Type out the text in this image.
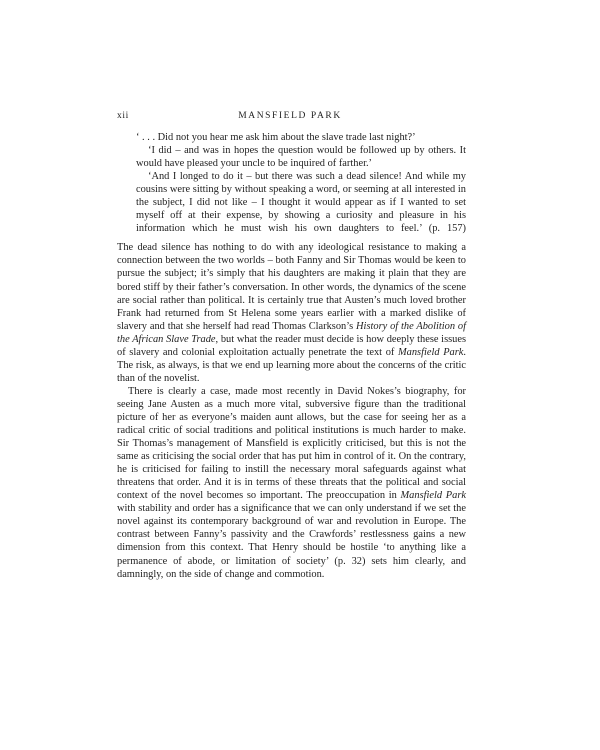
xii	MANSFIELD PARK

‘ . . . Did not you hear me ask him about the slave trade last night?’

‘I did – and was in hopes the question would be followed up by others. It would have pleased your uncle to be inquired of farther.’

‘And I longed to do it – but there was such a dead silence! And while my cousins were sitting by without speaking a word, or seeming at all interested in the subject, I did not like – I thought it would appear as if I wanted to set myself off at their expense, by showing a curiosity and pleasure in his information which he must wish his own daughters to feel.’ (p. 157)

The dead silence has nothing to do with any ideological resistance to making a connection between the two worlds – both Fanny and Sir Thomas would be keen to pursue the subject; it’s simply that his daughters are making it plain that they are bored stiff by their father’s conversation. In other words, the dynamics of the scene are social rather than political. It is certainly true that Austen’s much loved brother Frank had returned from St Helena some years earlier with a marked dislike of slavery and that she herself had read Thomas Clarkson’s History of the Abolition of the African Slave Trade, but what the reader must decide is how deeply these issues of slavery and colonial exploitation actually penetrate the text of Mansfield Park. The risk, as always, is that we end up learning more about the concerns of the critic than of the novelist.

There is clearly a case, made most recently in David Nokes’s biography, for seeing Jane Austen as a much more vital, subversive figure than the traditional picture of her as everyone’s maiden aunt allows, but the case for seeing her as a radical critic of social traditions and political institutions is much harder to make. Sir Thomas’s management of Mansfield is explicitly criticised, but this is not the same as criticising the social order that has put him in control of it. On the contrary, he is criticised for failing to instill the necessary moral safeguards against what threatens that order. And it is in terms of these threats that the political and social context of the novel becomes so important. The preoccupation in Mansfield Park with stability and order has a significance that we can only understand if we set the novel against its contemporary background of war and revolution in Europe. The contrast between Fanny’s passivity and the Crawfords’ restlessness gains a new dimension from this context. That Henry should be hostile ‘to anything like a permanence of abode, or limitation of society’ (p. 32) sets him clearly, and damningly, on the side of change and commotion.
